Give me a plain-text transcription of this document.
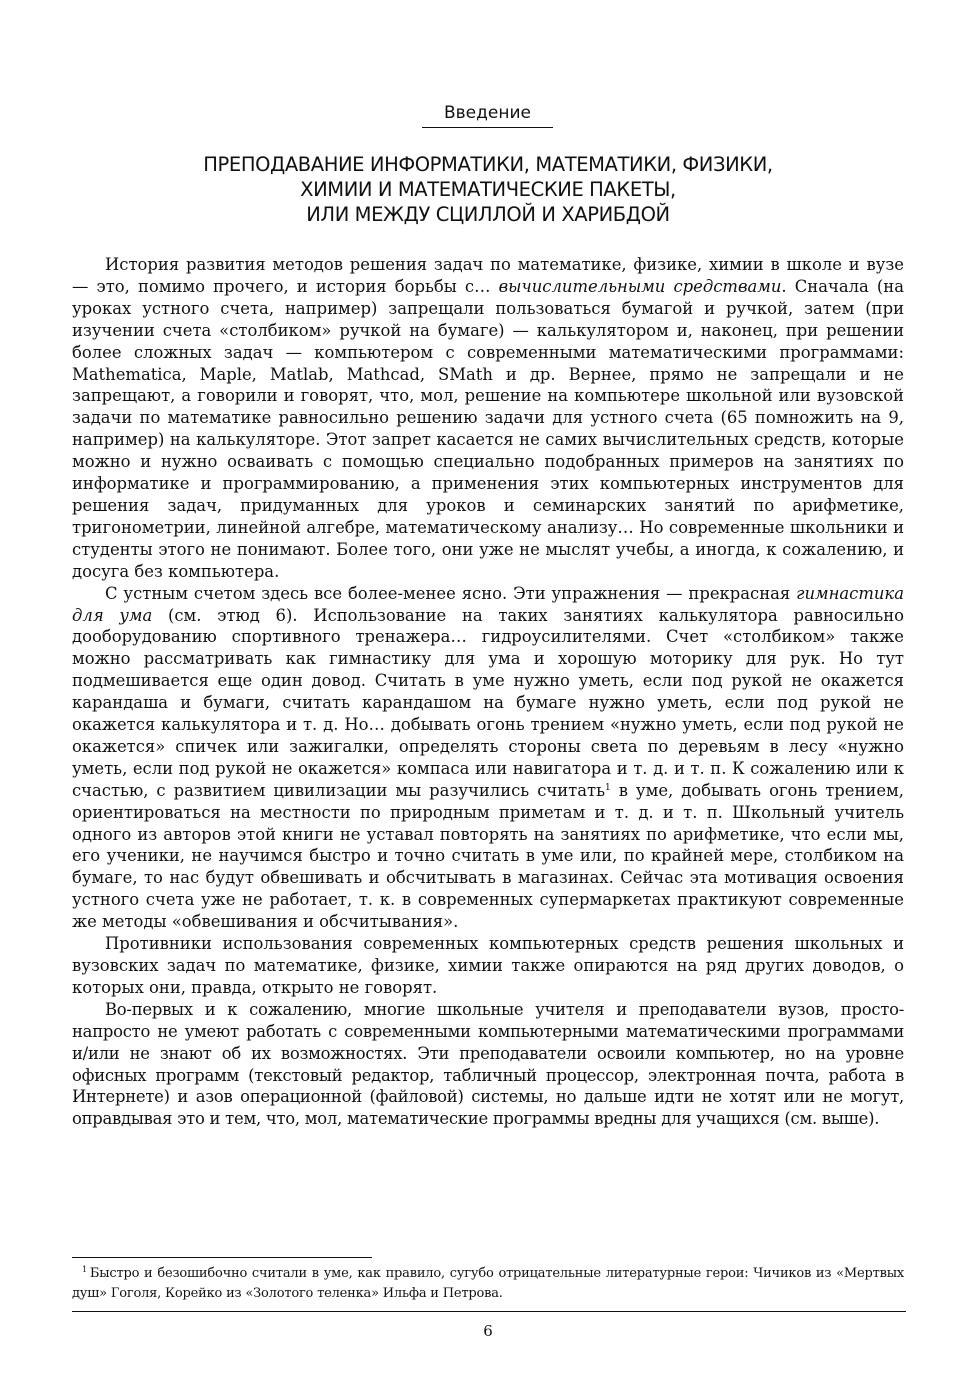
Введение
ПРЕПОДАВАНИЕ ИНФОРМАТИКИ, МАТЕМАТИКИ, ФИЗИКИ,
ХИМИИ И МАТЕМАТИЧЕСКИЕ ПАКЕТЫ,
ИЛИ МЕЖДУ СЦИЛЛОЙ И ХАРИБДОЙ

История развития методов решения задач по математике, физике, химии в школе и вузе — это, помимо прочего, и история борьбы с… вычислительными средствами. Сначала (на уроках устного счета, например) запрещали пользоваться бумагой и ручкой, затем (при изучении счета «столбиком» ручкой на бумаге) — калькулятором и, наконец, при решении более сложных задач — компьютером с современными математическими программами: Mathematica, Maple, Matlab, Mathcad, SMath и др. Вернее, прямо не запрещали и не запрещают, а говорили и говорят, что, мол, решение на компьютере школьной или вузовской задачи по математике равносильно решению задачи для устного счета (65 помножить на 9, например) на калькуляторе. Этот запрет касается не самих вычислительных средств, которые можно и нужно осваивать с помощью специально подобранных примеров на занятиях по информатике и программированию, а применения этих компьютерных инструментов для решения задач, придуманных для уроков и семинарских занятий по арифметике, тригонометрии, линейной алгебре, математическому анализу… Но современные школьники и студенты этого не понимают. Более того, они уже не мыслят учебы, а иногда, к сожалению, и досуга без компьютера.

С устным счетом здесь все более-менее ясно. Эти упражнения — прекрасная гимнастика для ума (см. этюд 6). Использование на таких занятиях калькулятора равносильно дооборудованию спортивного тренажера… гидроусилителями. Счет «столбиком» также можно рассматривать как гимнастику для ума и хорошую моторику для рук. Но тут подмешивается еще один довод. Считать в уме нужно уметь, если под рукой не окажется карандаша и бумаги, считать карандашом на бумаге нужно уметь, если под рукой не окажется калькулятора и т. д. Но… добывать огонь трением «нужно уметь, если под рукой не окажется» спичек или зажигалки, определять стороны света по деревьям в лесу «нужно уметь, если под рукой не окажется» компаса или навигатора и т. д. и т. п. К сожалению или к счастью, с развитием цивилизации мы разучились считать$^1$ в уме, добывать огонь трением, ориентироваться на местности по природным приметам и т. д. и т. п. Школьный учитель одного из авторов этой книги не уставал повторять на занятиях по арифметике, что если мы, его ученики, не научимся быстро и точно считать в уме или, по крайней мере, столбиком на бумаге, то нас будут обвешивать и обсчитывать в магазинах. Сейчас эта мотивация освоения устного счета уже не работает, т. к. в современных супермаркетах практикуют современные же методы «обвешивания и обсчитывания».

Противники использования современных компьютерных средств решения школьных и вузовских задач по математике, физике, химии также опираются на ряд других доводов, о которых они, правда, открыто не говорят.

Во-первых и к сожалению, многие школьные учителя и преподаватели вузов, просто-напросто не умеют работать с современными компьютерными математическими программами и/или не знают об их возможностях. Эти преподаватели освоили компьютер, но на уровне офисных программ (текстовый редактор, табличный процессор, электронная почта, работа в Интернете) и азов операционной (файловой) системы, но дальше идти не хотят или не могут, оправдывая это и тем, что, мол, математические программы вредны для учащихся (см. выше).

$^1$ Быстро и безошибочно считали в уме, как правило, сугубо отрицательные литературные герои: Чичиков из «Мертвых душ» Гоголя, Корейко из «Золотого теленка» Ильфа и Петрова.
6
